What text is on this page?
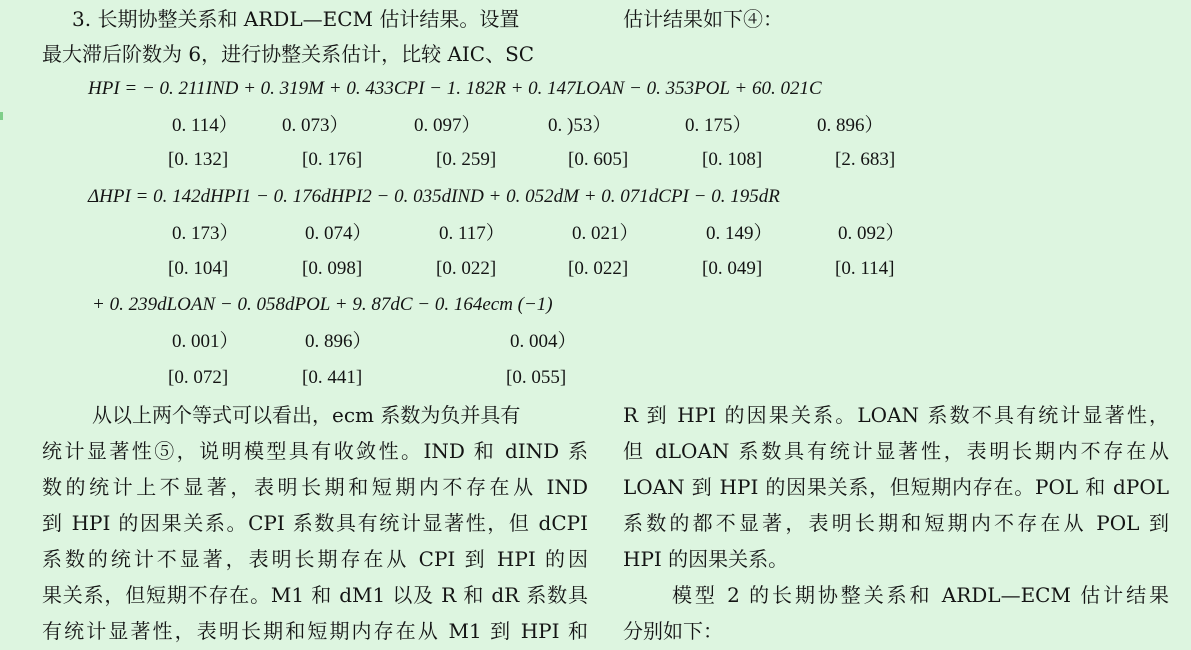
3. 长期协整关系和 ARDL—ECM 估计结果。设置
最大滞后阶数为 6，进行协整关系估计，比较 AIC、SC
估计结果如下④：
HPI = − 0. 211IND + 0. 319M + 0. 433CPI − 1. 182R + 0. 147LOAN − 0. 353POL + 60. 021C
0. 114） 0. 073）	0. 097）	0. )53）	0. 175）	0. 896）
[0. 132]	[0. 176]	[0. 259]	[0. 605]	[0. 108]	[2. 683]
ΔHPI = 0. 142dHPI1 − 0. 176dHPI2 − 0. 035dIND + 0. 052dM + 0. 071dCPI − 0. 195dR
0. 173）	0. 074）	0. 117）	0. 021）	0. 149）	0. 092）
[0. 104]	[0. 098]	[0. 022]	[0. 022]	[0. 049]	[0. 114]
+ 0. 239dLOAN − 0. 058dPOL + 9. 87dC − 0. 164ecm (−1)
0. 001）	0. 896）	0. 004）
[0. 072]	[0. 441]	[0. 055]
从以上两个等式可以看出，ecm 系数为负并具有
统计显著性⑤，说明模型具有收敛性。IND 和 dIND 系
数的统计上不显著，表明长期和短期内不存在从 IND
到 HPI 的因果关系。CPI 系数具有统计显著性，但 dCPI
系数的统计不显著，表明长期存在从 CPI 到 HPI 的因
果关系，但短期不存在。M1 和 dM1 以及 R 和 dR 系数具
有统计显著性，表明长期和短期内存在从 M1 到 HPI 和
R 到 HPI 的因果关系。LOAN 系数不具有统计显著性，
但 dLOAN 系数具有统计显著性，表明长期内不存在从
LOAN 到 HPI 的因果关系，但短期内存在。POL 和 dPOL
系数的都不显著，表明长期和短期内不存在从 POL 到
HPI 的因果关系。
模型 2 的长期协整关系和 ARDL—ECM 估计结果
分别如下：
